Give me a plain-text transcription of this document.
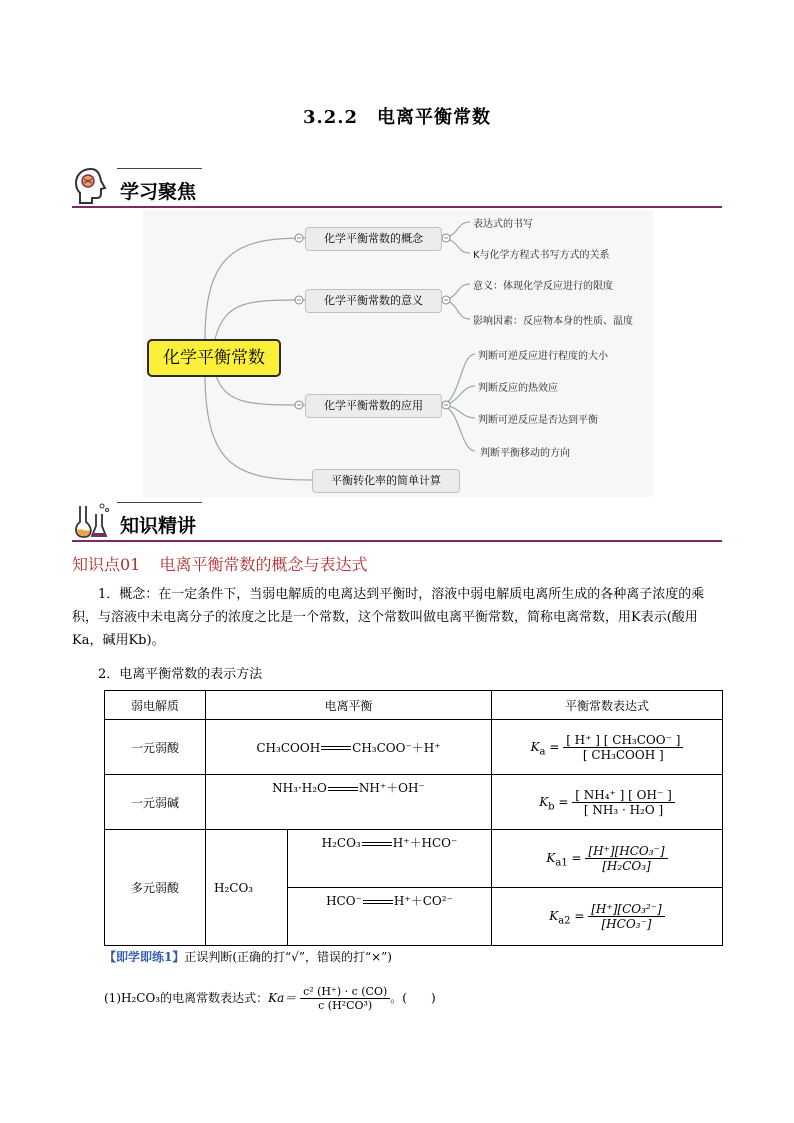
3.2.2　电离平衡常数
学习聚焦
化学平衡常数
化学平衡常数的概念
化学平衡常数的意义
化学平衡常数的应用
平衡转化率的简单计算
表达式的书写
K与化学方程式书写方式的关系
意义：体现化学反应进行的限度
影响因素：反应物本身的性质、温度
判断可逆反应进行程度的大小
判断反应的热效应
判断可逆反应是否达到平衡
判断平衡移动的方向
知识精讲
知识点01 电离平衡常数的概念与表达式
1．概念：在一定条件下，当弱电解质的电离达到平衡时，溶液中弱电解质电离所生成的各种离子浓度的乘积，与溶液中未电离分子的浓度之比是一个常数，这个常数叫做电离平衡常数，简称电离常数，用K表示(酸用Ka，碱用Kb)。
2．电离平衡常数的表示方法
弱电解质	电离平衡		平衡常数表达式
一元弱酸	CH₃COOH CH₃COO⁻＋H⁺		$K_a = \frac{\text{[ H⁺ ] [ CH₃COO⁻ ]}}{\text{[ CH₃COOH ]}}$

一元弱碱	NH₃·H₂O NH⁺＋OH⁻		$K_b = \frac{\text{[ NH₄⁺ ] [ OH⁻ ]}}{\text{[ NH₃ · H₂O ]}}$

多元弱酸	H₂CO₃	H₂CO₃ H⁺＋HCO⁻	$K_{a1} = \frac{\text{[H⁺][HCO₃⁻]}}{\text{[H₂CO₃]}}$

		HCO⁻ H⁺＋CO²⁻	$K_{a2} = \frac{\text{[H⁺][CO₃²⁻]}}{\text{[HCO₃⁻]}}$
【即学即练1】正误判断(正确的打“√”，错误的打“×”)
(1)H₂CO₃的电离常数表达式：$Ka= \frac{\text{c² (H⁺) · c (CO)}}{\text{c (H²CO³)}}$ 。(　　)
